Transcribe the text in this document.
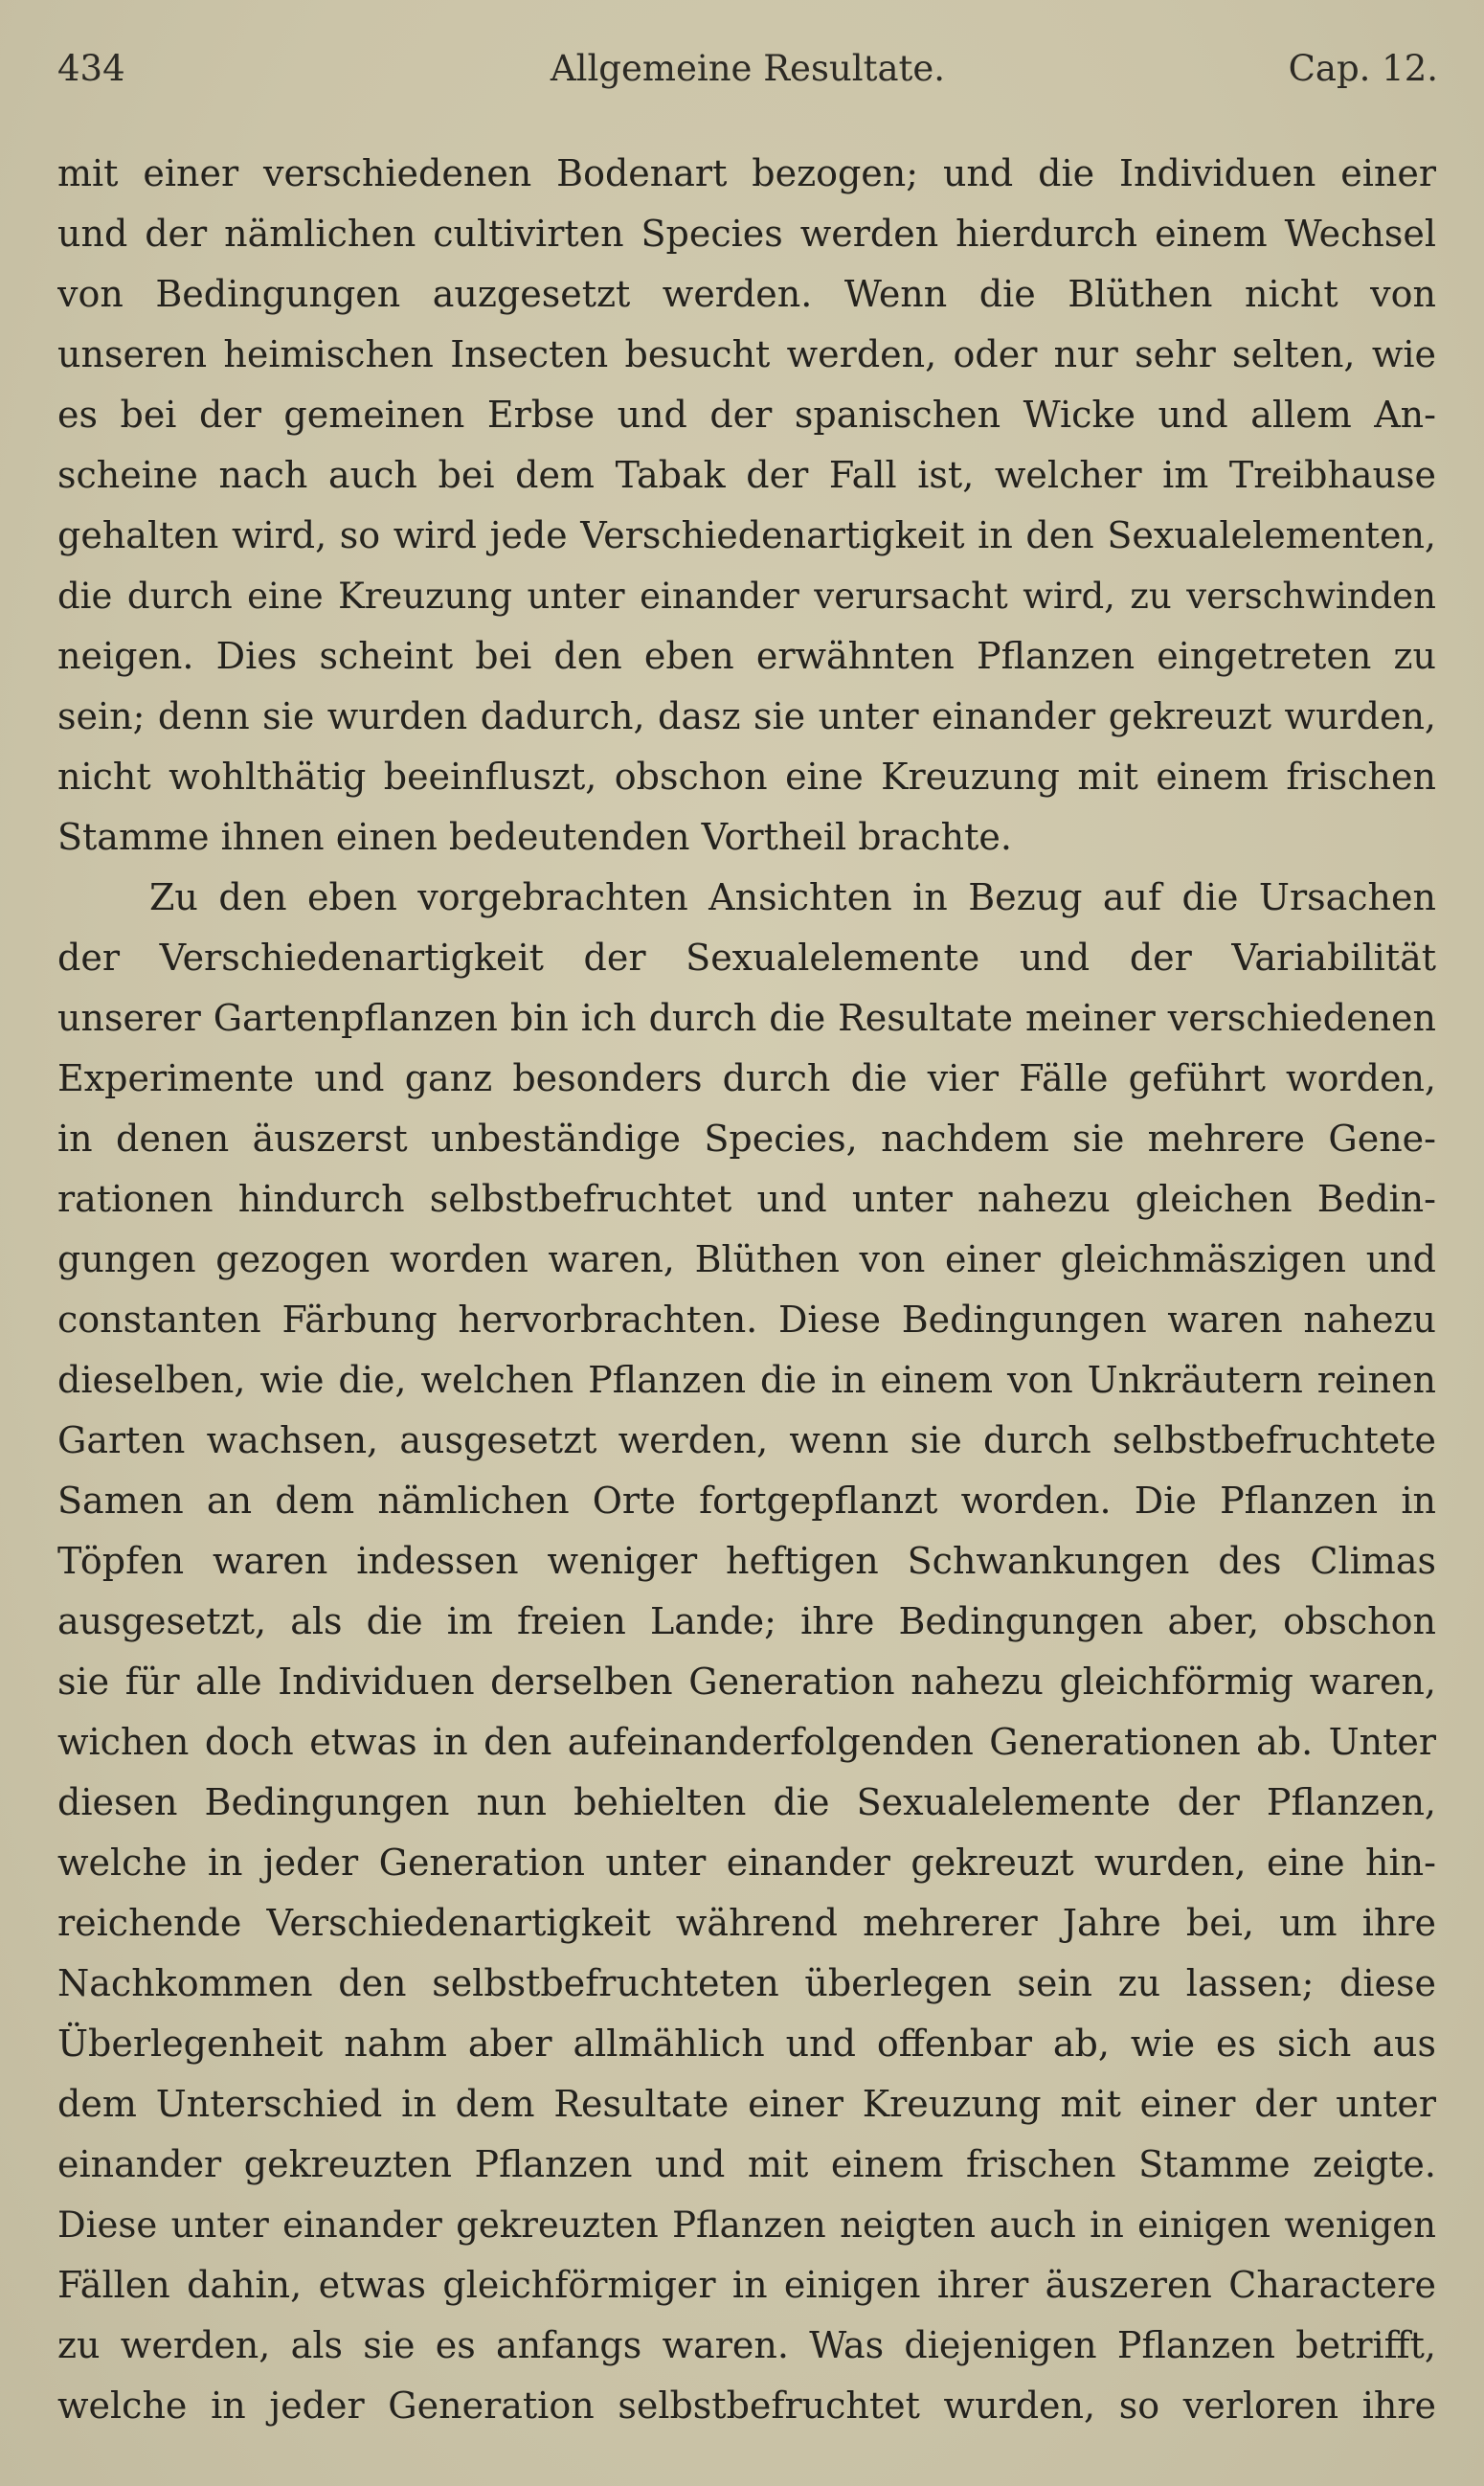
434	Allgemeine Resultate.	Cap. 12.
mit einer verschiedenen Bodenart bezogen; und die Individuen einer
und der nämlichen cultivirten Species werden hierdurch einem Wechsel
von Bedingungen auzgesetzt werden. Wenn die Blüthen nicht von
unseren heimischen Insecten besucht werden, oder nur sehr selten, wie
es bei der gemeinen Erbse und der spanischen Wicke und allem An-
scheine nach auch bei dem Tabak der Fall ist, welcher im Treibhause
gehalten wird, so wird jede Verschiedenartigkeit in den Sexualelementen,
die durch eine Kreuzung unter einander verursacht wird, zu verschwinden
neigen. Dies scheint bei den eben erwähnten Pflanzen eingetreten zu
sein; denn sie wurden dadurch, dasz sie unter einander gekreuzt wurden,
nicht wohlthätig beeinfluszt, obschon eine Kreuzung mit einem frischen
Stamme ihnen einen bedeutenden Vortheil brachte.
Zu den eben vorgebrachten Ansichten in Bezug auf die Ursachen
der Verschiedenartigkeit der Sexualelemente und der Variabilität
unserer Gartenpflanzen bin ich durch die Resultate meiner verschiedenen
Experimente und ganz besonders durch die vier Fälle geführt worden,
in denen äuszerst unbeständige Species, nachdem sie mehrere Gene-
rationen hindurch selbstbefruchtet und unter nahezu gleichen Bedin-
gungen gezogen worden waren, Blüthen von einer gleichmäszigen und
constanten Färbung hervorbrachten. Diese Bedingungen waren nahezu
dieselben, wie die, welchen Pflanzen die in einem von Unkräutern reinen
Garten wachsen, ausgesetzt werden, wenn sie durch selbstbefruchtete
Samen an dem nämlichen Orte fortgepflanzt worden. Die Pflanzen in
Töpfen waren indessen weniger heftigen Schwankungen des Climas
ausgesetzt, als die im freien Lande; ihre Bedingungen aber, obschon
sie für alle Individuen derselben Generation nahezu gleichförmig waren,
wichen doch etwas in den aufeinanderfolgenden Generationen ab. Unter
diesen Bedingungen nun behielten die Sexualelemente der Pflanzen,
welche in jeder Generation unter einander gekreuzt wurden, eine hin-
reichende Verschiedenartigkeit während mehrerer Jahre bei, um ihre
Nachkommen den selbstbefruchteten überlegen sein zu lassen; diese
Überlegenheit nahm aber allmählich und offenbar ab, wie es sich aus
dem Unterschied in dem Resultate einer Kreuzung mit einer der unter
einander gekreuzten Pflanzen und mit einem frischen Stamme zeigte.
Diese unter einander gekreuzten Pflanzen neigten auch in einigen wenigen
Fällen dahin, etwas gleichförmiger in einigen ihrer äuszeren Charactere
zu werden, als sie es anfangs waren. Was diejenigen Pflanzen betrifft,
welche in jeder Generation selbstbefruchtet wurden, so verloren ihre
